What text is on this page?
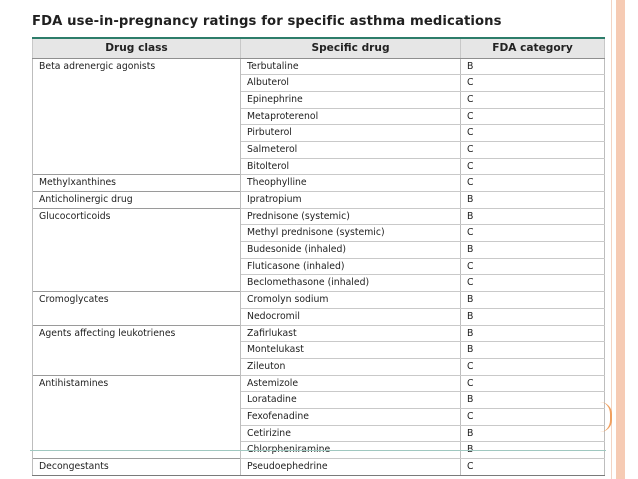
FDA use-in-pregnancy ratings for specific asthma medications
Drug class	Specific drug	FDA category
Beta adrenergic agonists	Terbutaline	B
	Albuterol	C
	Epinephrine	C
	Metaproterenol	C
	Pirbuterol	C
	Salmeterol	C
	Bitolterol	C
Methylxanthines	Theophylline	C
Anticholinergic drug	Ipratropium	B
Glucocorticoids	Prednisone (systemic)	B
	Methyl prednisone (systemic)	C
	Budesonide (inhaled)	B
	Fluticasone (inhaled)	C
	Beclomethasone (inhaled)	C
Cromoglycates	Cromolyn sodium	B
	Nedocromil	B
Agents affecting leukotrienes	Zafirlukast	B
	Montelukast	B
	Zileuton	C
Antihistamines	Astemizole	C
	Loratadine	B
	Fexofenadine	C
	Cetirizine	B
	Chlorpheniramine	B
Decongestants	Pseudoephedrine	C
